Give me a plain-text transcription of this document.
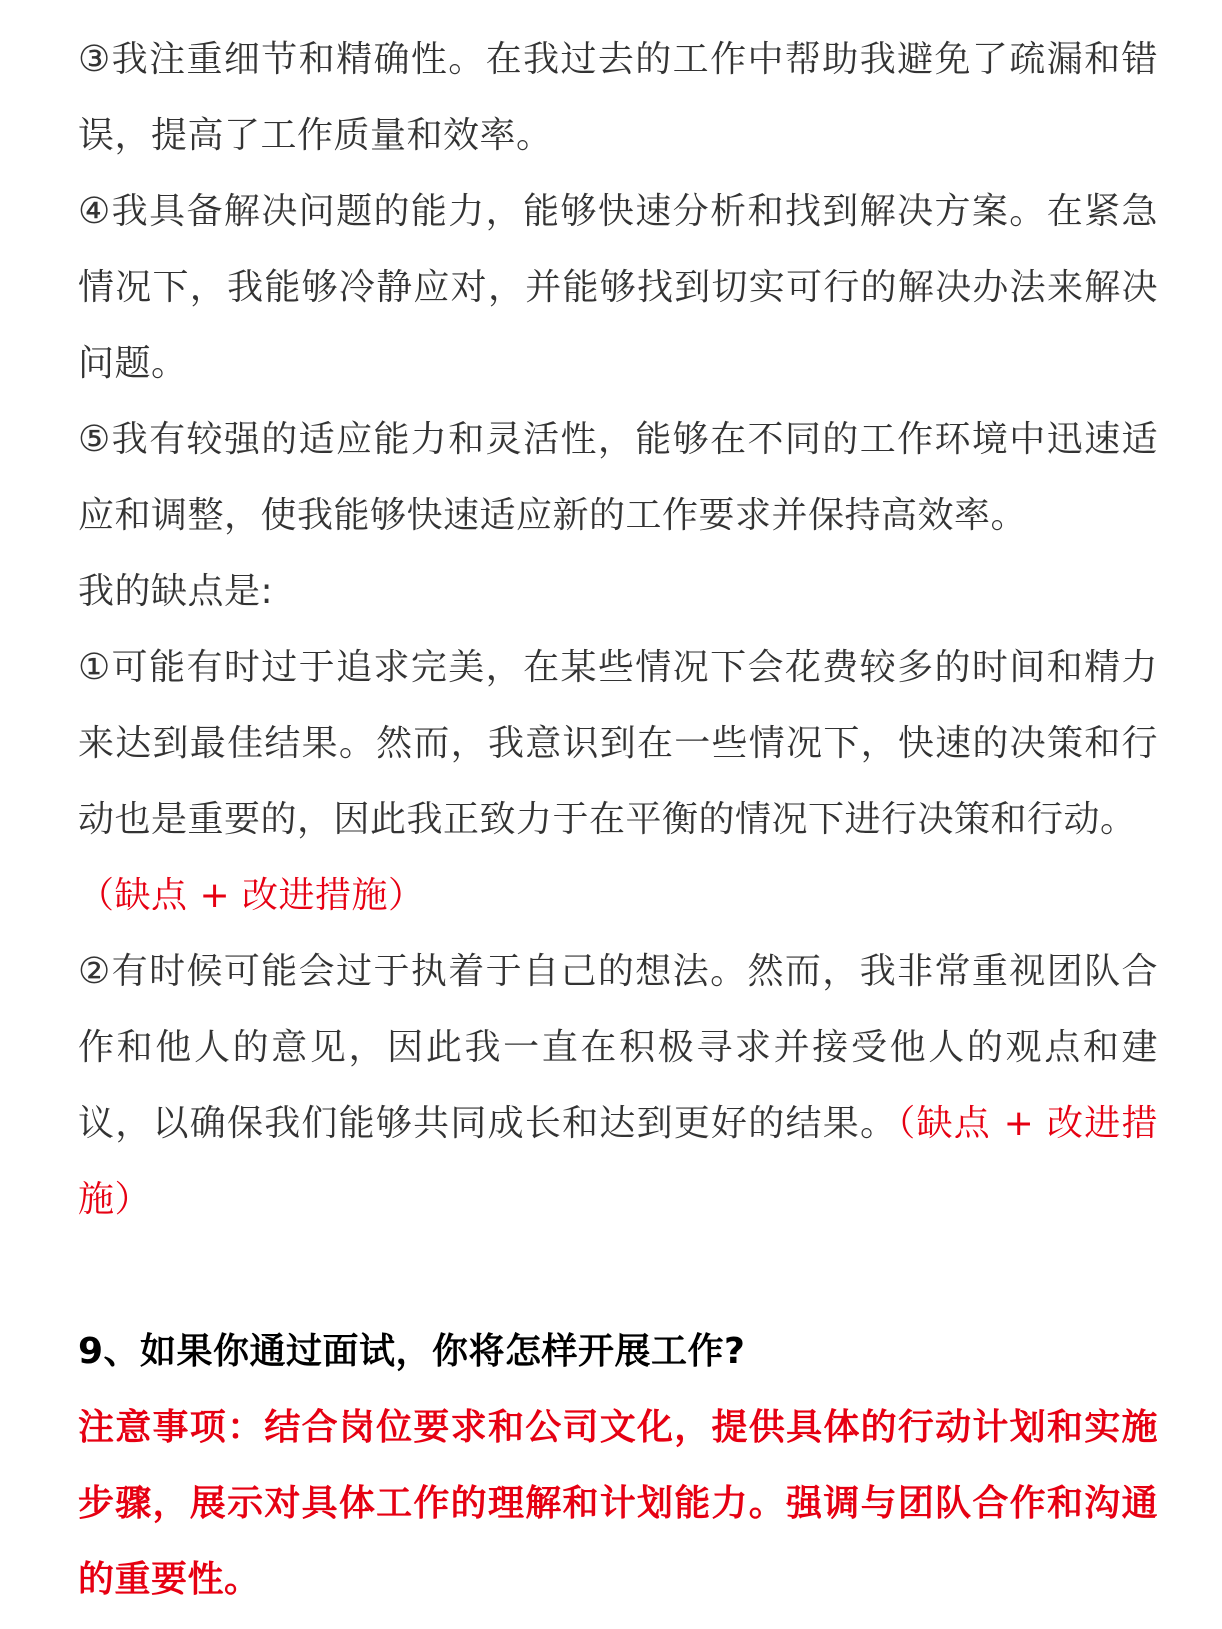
③我注重细节和精确性。在我过去的工作中帮助我避免了疏漏和错误，提高了工作质量和效率。

④我具备解决问题的能力，能够快速分析和找到解决方案。在紧急情况下，我能够冷静应对，并能够找到切实可行的解决办法来解决问题。

⑤我有较强的适应能力和灵活性，能够在不同的工作环境中迅速适应和调整，使我能够快速适应新的工作要求并保持高效率。

我的缺点是:

①可能有时过于追求完美，在某些情况下会花费较多的时间和精力来达到最佳结果。然而，我意识到在一些情况下，快速的决策和行动也是重要的，因此我正致力于在平衡的情况下进行决策和行动。
（缺点 + 改进措施）

②有时候可能会过于执着于自己的想法。然而，我非常重视团队合作和他人的意见，因此我一直在积极寻求并接受他人的观点和建议，以确保我们能够共同成长和达到更好的结果。（缺点 + 改进措施）

9、如果你通过面试，你将怎样开展工作?

注意事项：结合岗位要求和公司文化，提供具体的行动计划和实施步骤，展示对具体工作的理解和计划能力。强调与团队合作和沟通的重要性。
